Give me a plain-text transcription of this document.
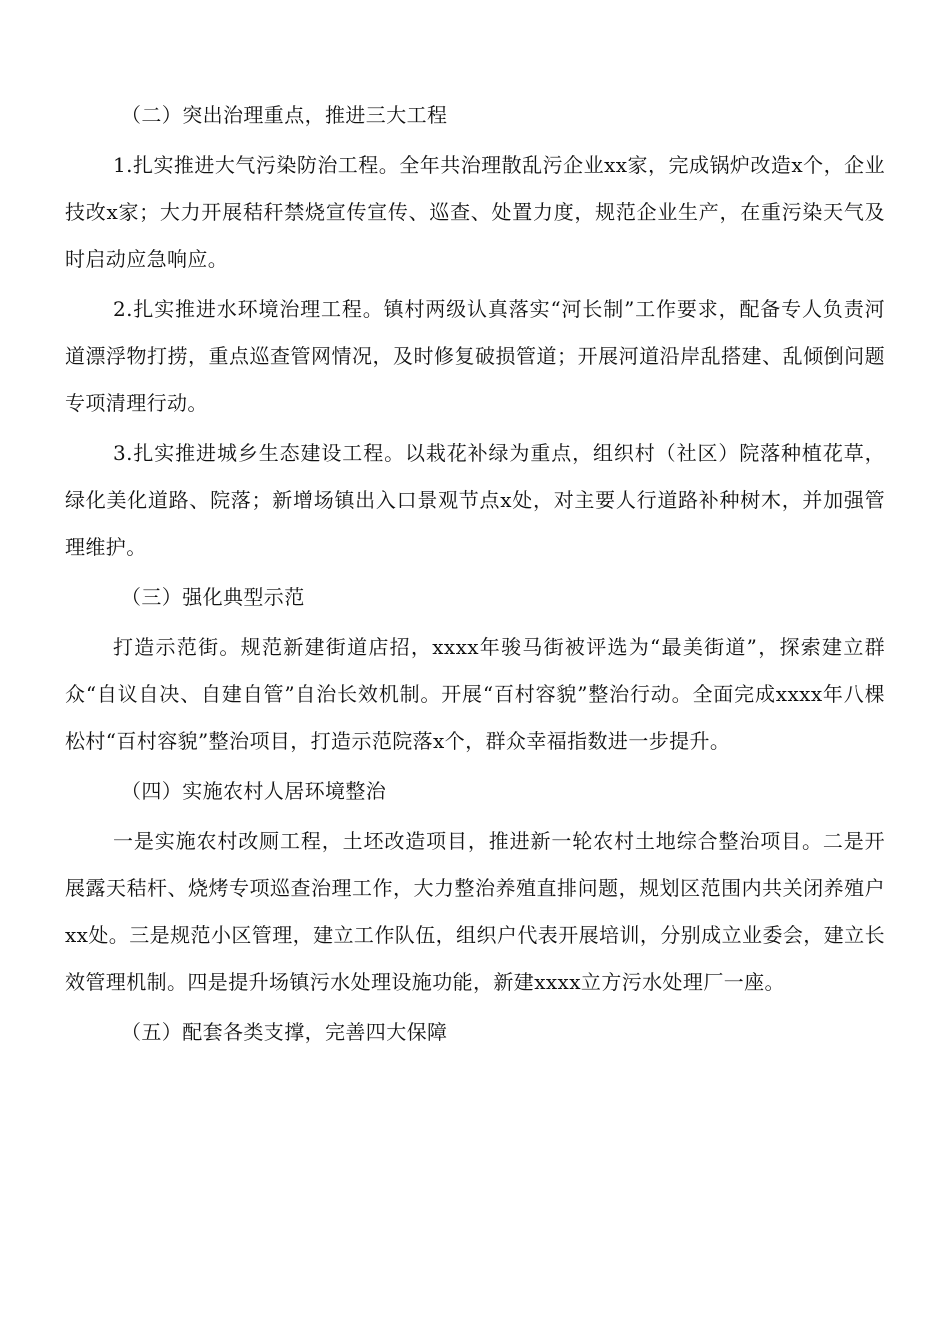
（二）突出治理重点，推进三大工程

1.扎实推进大气污染防治工程。全年共治理散乱污企业xx家，完成锅炉改造x个，企业技改x家；大力开展秸秆禁烧宣传宣传、巡查、处置力度，规范企业生产，在重污染天气及时启动应急响应。

2.扎实推进水环境治理工程。镇村两级认真落实“河长制”工作要求，配备专人负责河道漂浮物打捞，重点巡查管网情况，及时修复破损管道；开展河道沿岸乱搭建、乱倾倒问题专项清理行动。

3.扎实推进城乡生态建设工程。以栽花补绿为重点，组织村（社区）院落种植花草，绿化美化道路、院落；新增场镇出入口景观节点x处，对主要人行道路补种树木，并加强管理维护。

（三）强化典型示范

打造示范街。规范新建街道店招，xxxx年骏马街被评选为“最美街道”，探索建立群众“自议自决、自建自管”自治长效机制。开展“百村容貌”整治行动。全面完成xxxx年八棵松村“百村容貌”整治项目，打造示范院落x个，群众幸福指数进一步提升。

（四）实施农村人居环境整治

一是实施农村改厕工程，土坯改造项目，推进新一轮农村土地综合整治项目。二是开展露天秸杆、烧烤专项巡查治理工作，大力整治养殖直排问题，规划区范围内共关闭养殖户xx处。三是规范小区管理，建立工作队伍，组织户代表开展培训，分别成立业委会，建立长效管理机制。四是提升场镇污水处理设施功能，新建xxxx立方污水处理厂一座。

（五）配套各类支撑，完善四大保障
